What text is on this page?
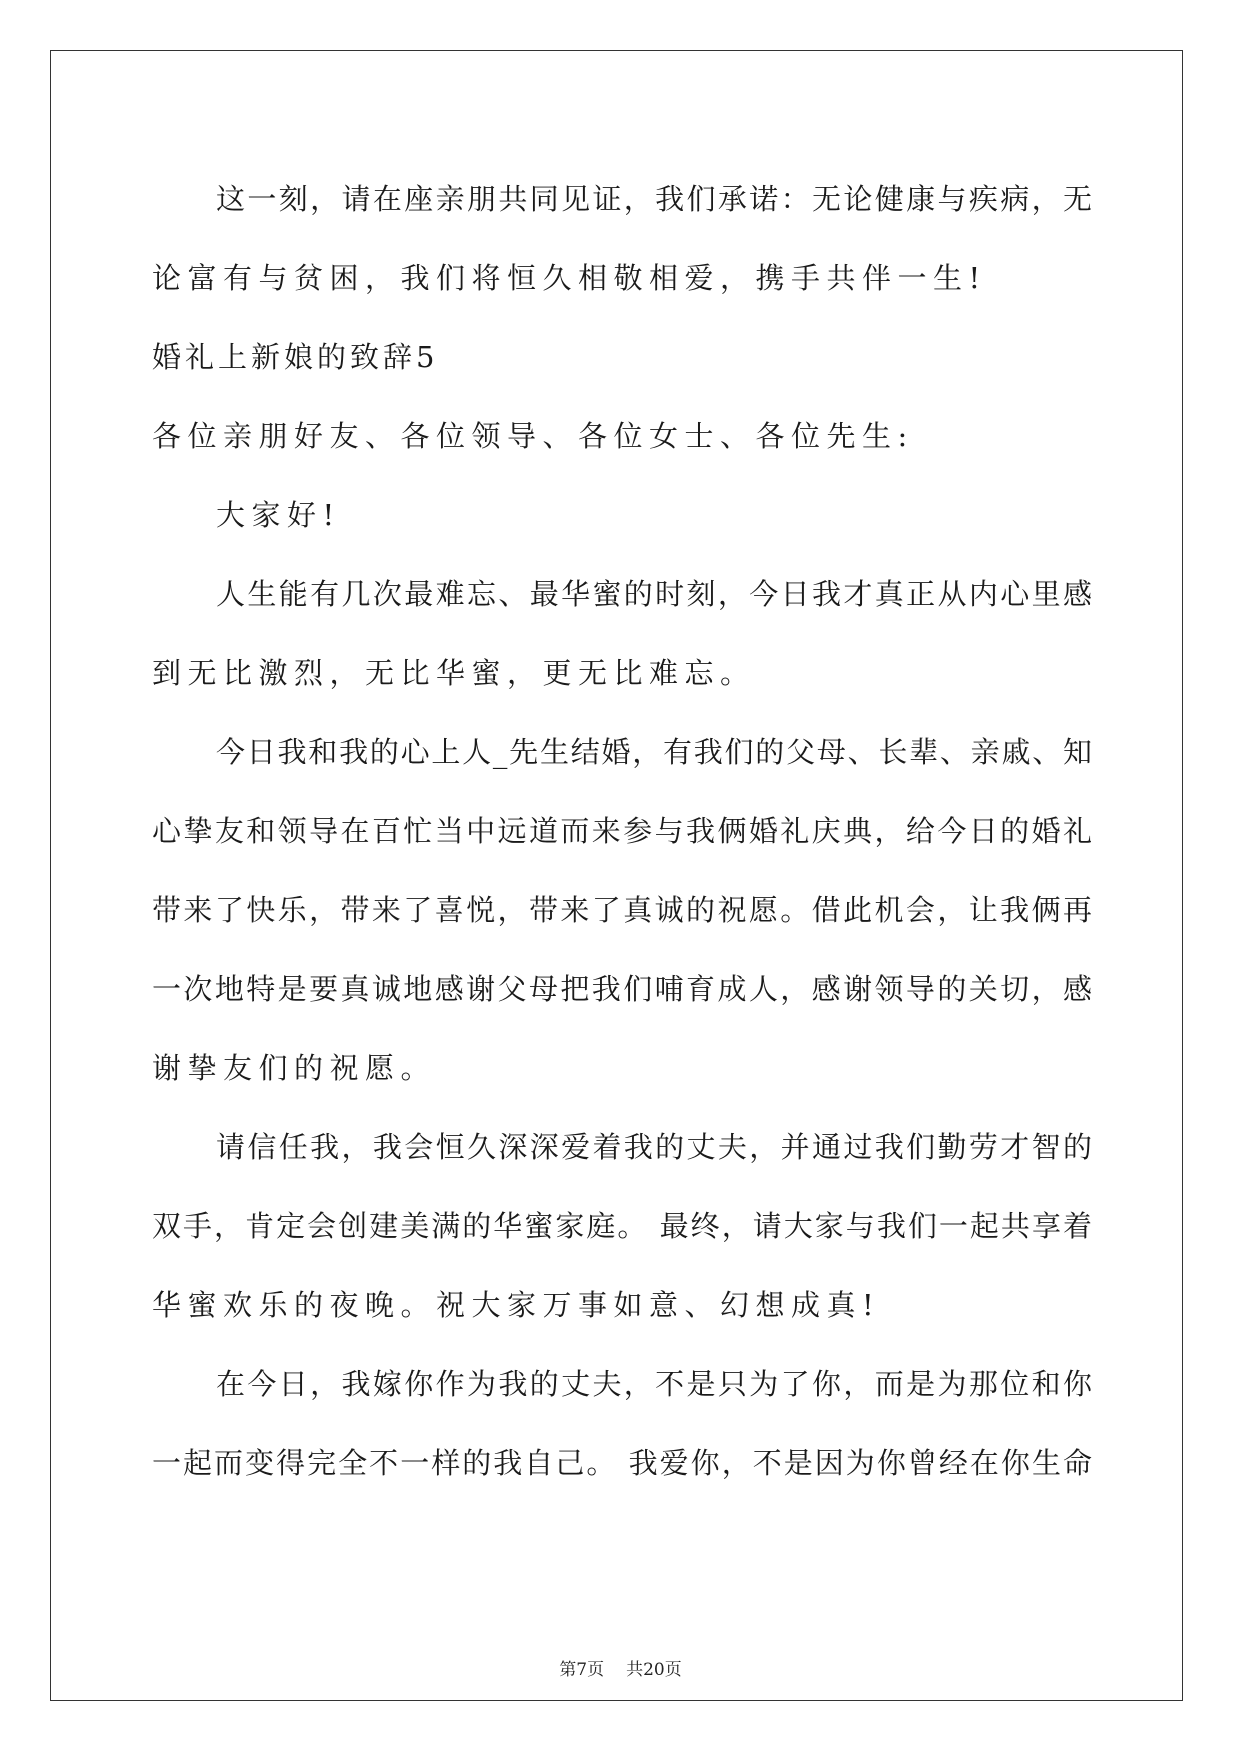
这一刻，请在座亲朋共同见证，我们承诺：无论健康与疾病，无
论富有与贫困，我们将恒久相敬相爱，携手共伴一生!
婚礼上新娘的致辞5
各位亲朋好友、各位领导、各位女士、各位先生:
大家好!
人生能有几次最难忘、最华蜜的时刻，今日我才真正从内心里感
到无比激烈，无比华蜜，更无比难忘。
今日我和我的心上人_先生结婚，有我们的父母、长辈、亲戚、知
心挚友和领导在百忙当中远道而来参与我俩婚礼庆典，给今日的婚礼
带来了快乐，带来了喜悦，带来了真诚的祝愿。借此机会，让我俩再
一次地特是要真诚地感谢父母把我们哺育成人，感谢领导的关切，感
谢挚友们的祝愿。
请信任我，我会恒久深深爱着我的丈夫，并通过我们勤劳才智的
双手，肯定会创建美满的华蜜家庭。 最终，请大家与我们一起共享着
华蜜欢乐的夜晚。祝大家万事如意、幻想成真!
在今日，我嫁你作为我的丈夫，不是只为了你，而是为那位和你
一起而变得完全不一样的我自己。 我爱你，不是因为你曾经在你生命
第7页 共20页
